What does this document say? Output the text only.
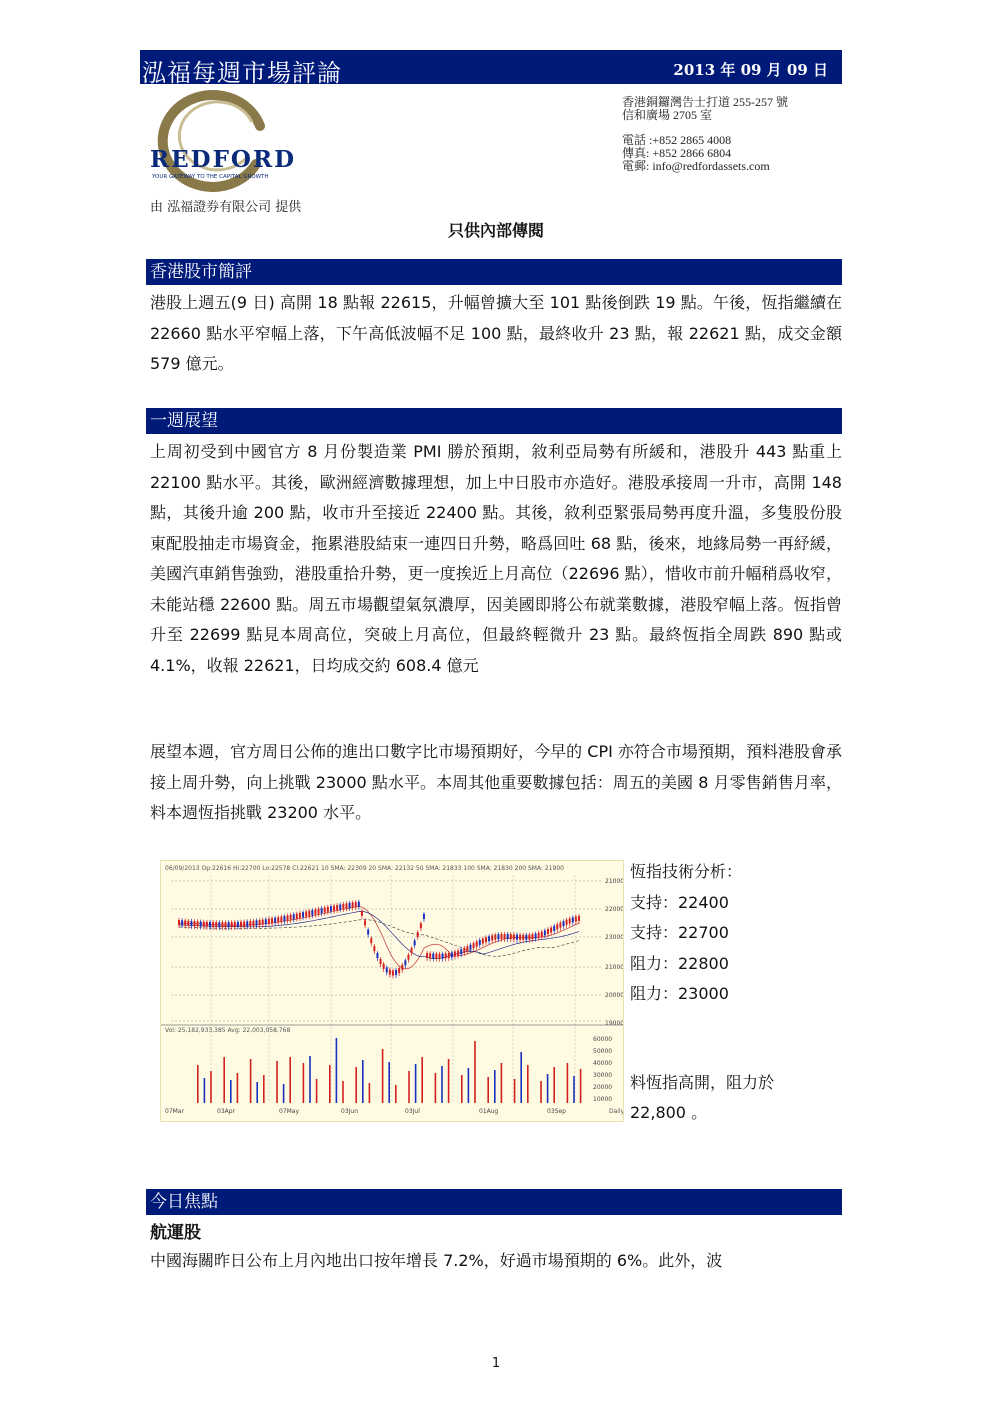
泓福每週市場評論	2013 年 09 月 09 日
REDFORD
YOUR GATEWAY TO THE CAPITAL GROWTH
香港銅鑼灣告士打道 255-257 號
信和廣場 2705 室
電話 :+852 2865 4008
傳真: +852 2866 6804
電郵: info@redfordassets.com
由 泓福證券有限公司 提供
只供內部傳閱
香港股市簡評

港股上週五(9 日) 高開 18 點報 22615，升幅曾擴大至 101 點後倒跌 19 點。午後，恆指繼續在 22660 點水平窄幅上落，下午高低波幅不足 100 點，最終收升 23 點，報 22621 點，成交金額 579 億元。

一週展望

上周初受到中國官方 8 月份製造業 PMI 勝於預期，敘利亞局勢有所緩和，港股升 443 點重上 22100 點水平。其後，歐洲經濟數據理想，加上中日股市亦造好。港股承接周一升市，高開 148 點，其後升逾 200 點，收市升至接近 22400 點。其後，敘利亞緊張局勢再度升溫，多隻股份股東配股抽走市場資金，拖累港股結束一連四日升勢，略爲回吐 68 點，後來，地緣局勢一再紓緩，美國汽車銷售強勁，港股重拾升勢，更一度挨近上月高位（22696 點），惜收市前升幅稍爲收窄，未能站穩 22600 點。周五市場觀望氣氛濃厚，因美國即將公布就業數據，港股窄幅上落。恆指曾升至 22699 點見本周高位，突破上月高位，但最終輕微升 23 點。最終恆指全周跌 890 點或 4.1%，收報 22621，日均成交約 608.4 億元

展望本週，官方周日公佈的進出口數字比市場預期好，今早的 CPI 亦符合市場預期，預料港股會承接上周升勢，向上挑戰 23000 點水平。本周其他重要數據包括：周五的美國 8 月零售銷售月率，料本週恆指挑戰 23200 水平。

06/09/2013 Op:22616 Hi:22700 Lo:22578 Cl:22621 10 SMA: 22309 20 SMA: 22132 50 SMA: 21833 100 SMA: 21830 200 SMA: 21900
21000
22000
23000
21000
20000
19000
Vol: 25,182,933,385 Avg: 22,003,058,768
60000
50000
40000
30000
20000
10000
07Mar	03Apr	07May	03Jun	03Jul	01Aug	03Sep	Daily
恆指技術分析：
支持：22400
支持：22700
阻力：22800
阻力：23000
料恆指高開，阻力於 22,800 。
今日焦點
航運股

中國海關昨日公布上月內地出口按年增長 7.2%，好過市場預期的 6%。此外，波

1
